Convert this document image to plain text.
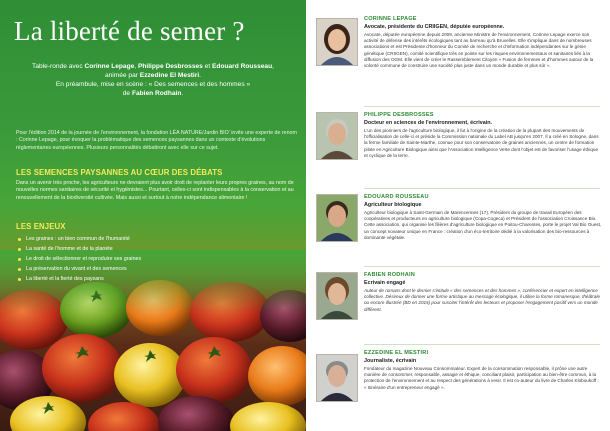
La liberté de semer ?
Table-ronde avec Corinne Lepage, Philippe Desbrosses et Edouard Rousseau,
animée par Ezzedine El Mestiri.
En préambule, mise en scène : « Des semences et des hommes »
de Fabien Rodhain.
Pour l'édition 2014 de la journée de l'environnement, la fondation LÉA NATURE/Jardin BIO' invite une experte de renom : Corinne Lepage, pour évoquer la problématique des semences paysannes dans un contexte d'évolutions réglementaires européennes. Plusieurs personnalités débattront avec elle sur ce sujet.
LES SEMENCES PAYSANNES AU CŒUR DES DÉBATS
Dans un avenir très proche, les agriculteurs ne devraient plus avoir droit de replanter leurs propres graines, au nom de nouvelles normes sanitaires de sécurité et hygiénistes... Pourtant, celles-ci sont indispensables à la conservation et au renouvellement de la biodiversité cultivée. Mais aussi et surtout à notre indépendance alimentaire !
LES ENJEUX
Les graines : un bien commun de l'humanité
La santé de l'homme et de la planète
Le droit de sélectionner et reproduire ses graines
La préservation du vivant et des semences
La liberté et la fierté des paysans
CORINNE LEPAGE
Avocate, présidente du CRIIGEN, députée européenne.
Avocate, députée européenne depuis 2009, ancienne Ministre de l'environnement, Corinne Lepage exerce son activité de défense des intérêts écologiques tant au barreau qu'à Bruxelles. Elle s'implique dans de nombreuses associations et est Présidente d'honneur du Comité de recherche et d'information indépendantes sur le génie génétique (CRIIGEN), comité scientifique très en pointe sur les risques environnementaux et sanitaires liés à la diffusion des OGM. Elle vient de créer le Rassemblement Citoyen « Fusion de femmes et d'hommes autour de la volonté commune de construire une société plus juste dans un monde durable et plus sûr ».
PHILIPPE DESBROSSES
Docteur en sciences de l'environnement, écrivain.
L'un des pionniers de l'agriculture biologique, il fut à l'origine de la création de la plupart des mouvements de l'officialisation de celle-ci et préside la Commission nationale du Label AB jusqu'en 2007. Il a créé en Sologne, dans la ferme familiale de Sainte-Marthe, connue pour son conservatoire de graines anciennes, un centre de formation pilote en Agriculture Biologique ainsi que l'Association Intelligence Verte dont l'objet est de favoriser l'usage éthique et cyclique de la terre.
EDOUARD ROUSSEAU
Agriculteur biologique
Agriculteur biologique à Saint-Germain de Marencennes (17), Président du groupe de travail Européen des coopératives et producteurs en agriculture biologique (Copa-Cogeca) et Président de l'association Croissance Bio. Cette association, qui organise les filières d'agriculture biologique en Poitou-Charentes, porte le projet Val Bio Ouest, un concept novateur unique en France : création d'un éco-territoire dédié à la valorisation des bio-ressources à dominante végétale.
FABIEN RODHAIN
Ecrivain engagé
Auteur de romans dont le dernier s'intitule « des semences et des hommes », conférencier et expert en intelligence collective. Désireux de donner une forme artistique au message écologique, il utilise la forme romanesque, théâtrale ou encore illustrée (BD en 2015) pour susciter l'intérêt des lecteurs et proposer l'engagement positif vers un monde différent.
EZZEDINE EL MESTIRI
Journaliste, écrivain
Fondateur du magazine Nouveau Consommateur. Expert de la consommation responsable, il prône une autre manière de consommer, responsable, assagie et éthique, conciliant plaisir, participation au bien-être commun, à la protection de l'environnement et au respect des générations à venir. Il est co-auteur du livre de Charles Kloboukoff : « Itinéraire d'un entrepreneur engagé ».
